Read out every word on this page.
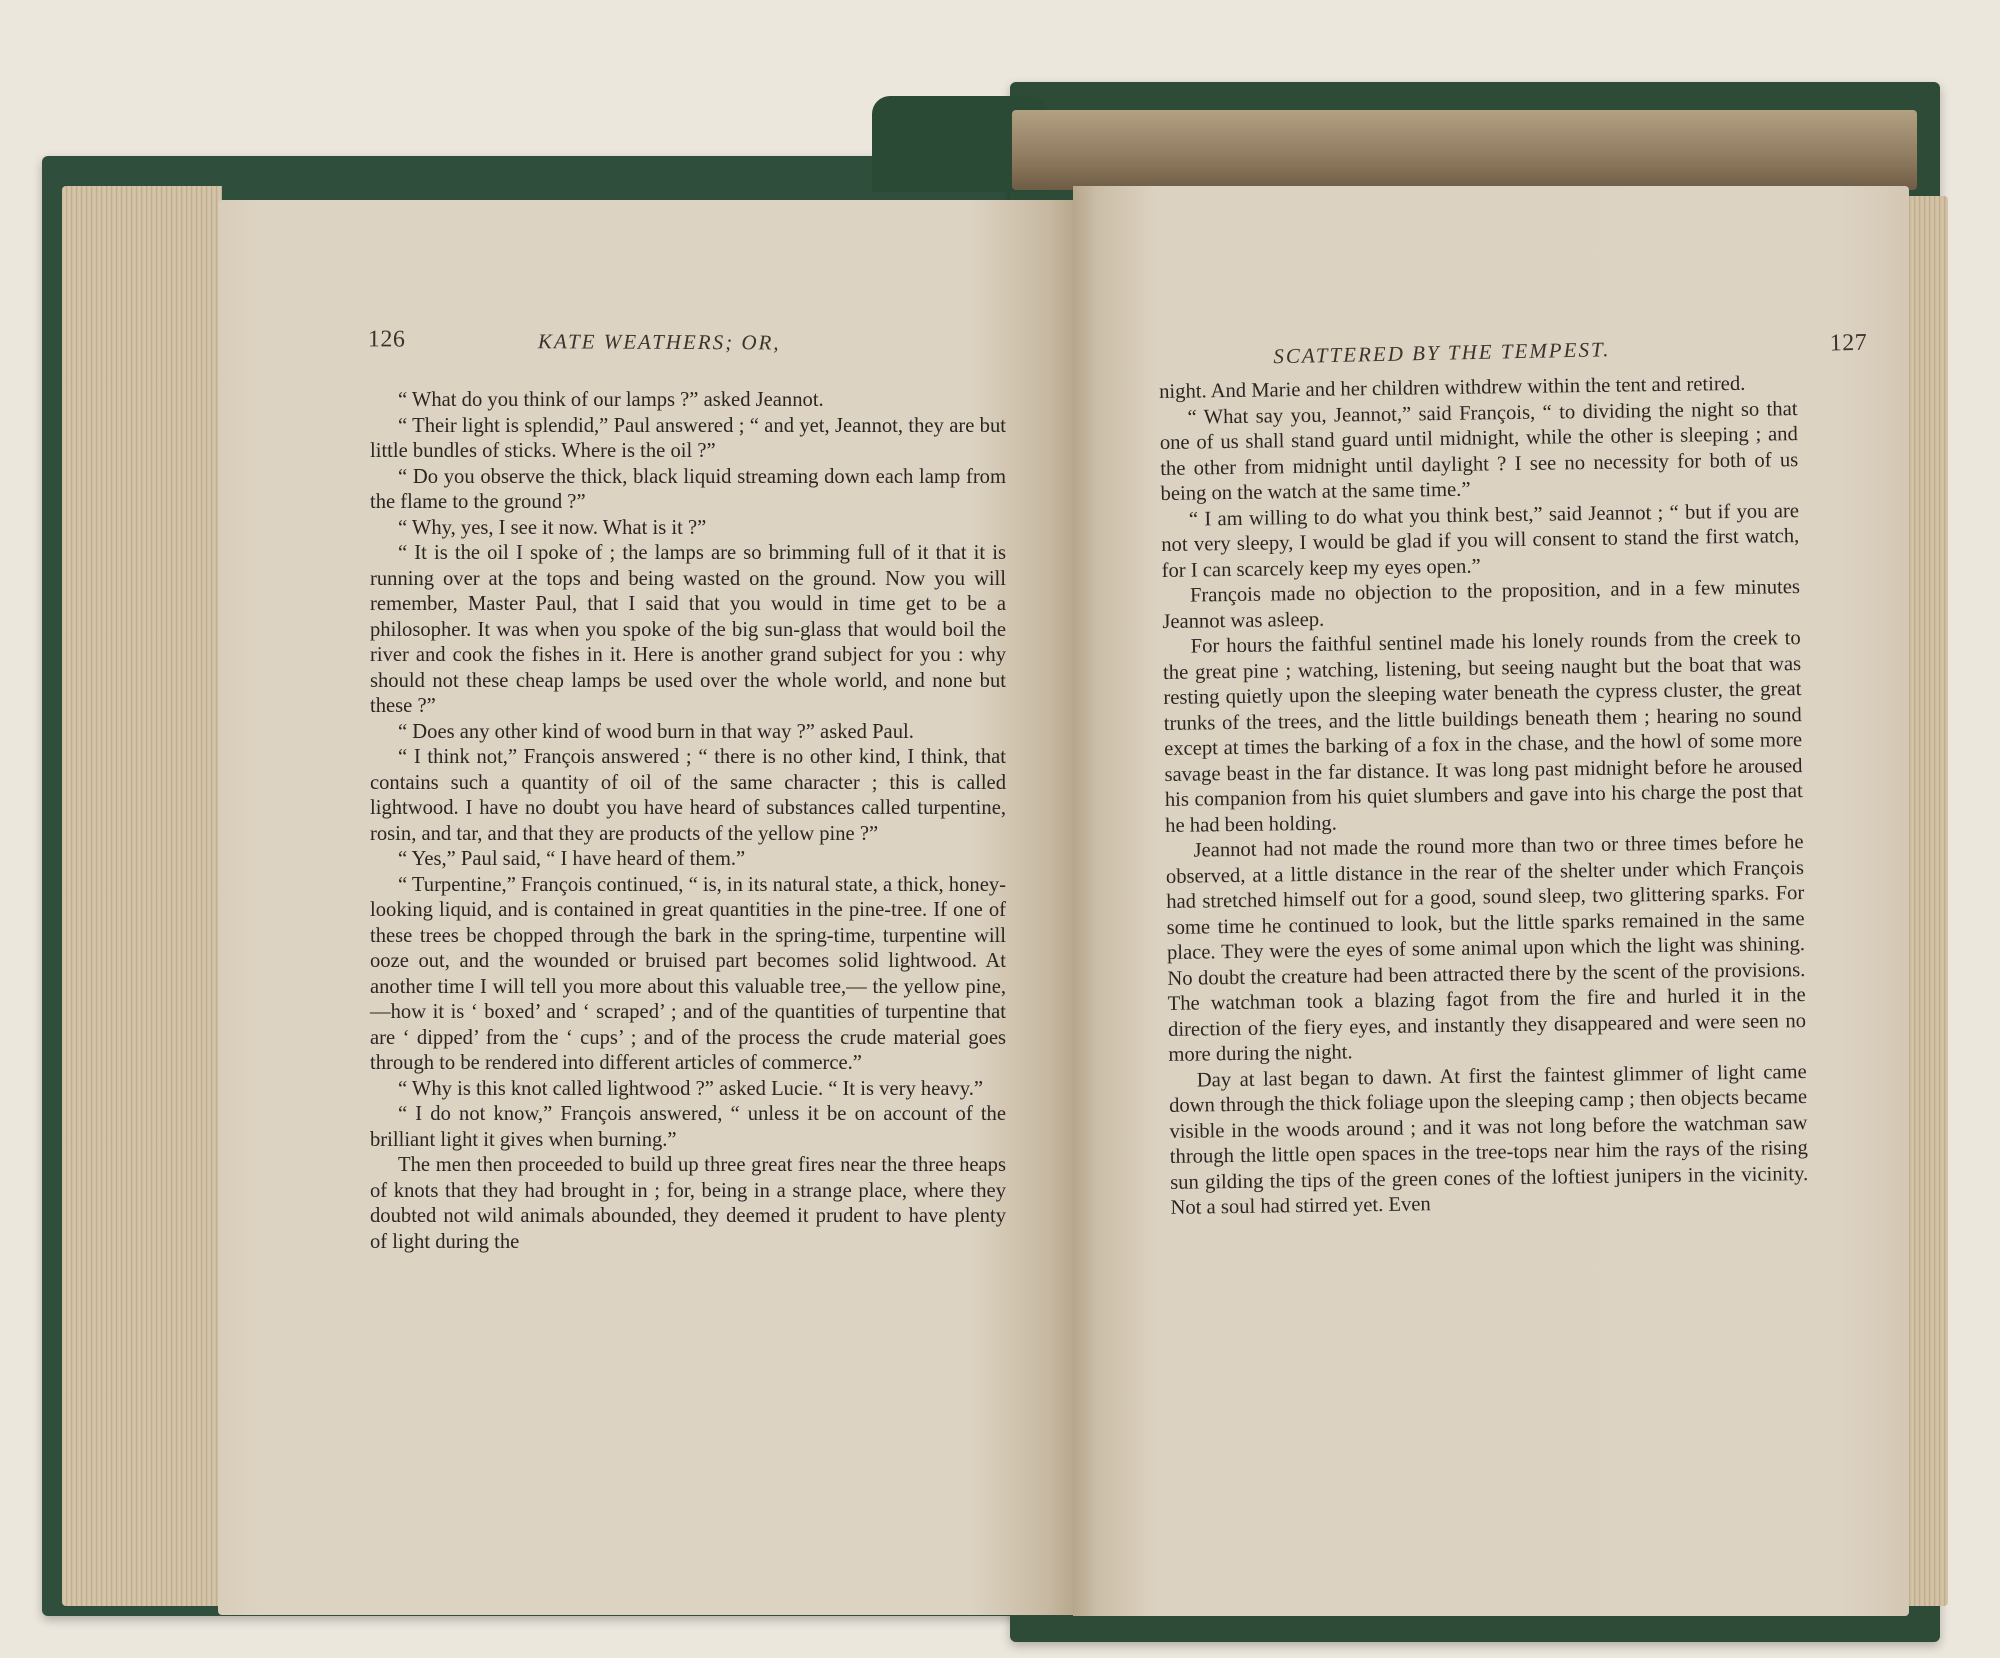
126	KATE WEATHERS; OR,

“ What do you think of our lamps ?” asked Jeannot.

“ Their light is splendid,” Paul answered ; “ and yet, Jeannot, they are but little bundles of sticks. Where is the oil ?”

“ Do you observe the thick, black liquid streaming down each lamp from the flame to the ground ?”

“ Why, yes, I see it now. What is it ?”

“ It is the oil I spoke of ; the lamps are so brimming full of it that it is running over at the tops and being wasted on the ground. Now you will remember, Master Paul, that I said that you would in time get to be a philosopher. It was when you spoke of the big sun-glass that would boil the river and cook the fishes in it. Here is another grand subject for you : why should not these cheap lamps be used over the whole world, and none but these ?”

“ Does any other kind of wood burn in that way ?” asked Paul.

“ I think not,” François answered ; “ there is no other kind, I think, that contains such a quantity of oil of the same character ; this is called lightwood. I have no doubt you have heard of substances called turpentine, rosin, and tar, and that they are products of the yellow pine ?”

“ Yes,” Paul said, “ I have heard of them.”

“ Turpentine,” François continued, “ is, in its natural state, a thick, honey-looking liquid, and is contained in great quantities in the pine-tree. If one of these trees be chopped through the bark in the spring-time, turpentine will ooze out, and the wounded or bruised part becomes solid lightwood. At another time I will tell you more about this valuable tree,— the yellow pine,—how it is ‘ boxed’ and ‘ scraped’ ; and of the quantities of turpentine that are ‘ dipped’ from the ‘ cups’ ; and of the process the crude material goes through to be rendered into different articles of commerce.”

“ Why is this knot called lightwood ?” asked Lucie. “ It is very heavy.”

“ I do not know,” François answered, “ unless it be on account of the brilliant light it gives when burning.”

The men then proceeded to build up three great fires near the three heaps of knots that they had brought in ; for, being in a strange place, where they doubted not wild animals abounded, they deemed it prudent to have plenty of light during the

SCATTERED BY THE TEMPEST.	127

night. And Marie and her children withdrew within the tent and retired.

“ What say you, Jeannot,” said François, “ to dividing the night so that one of us shall stand guard until midnight, while the other is sleeping ; and the other from midnight until daylight ? I see no necessity for both of us being on the watch at the same time.”

“ I am willing to do what you think best,” said Jeannot ; “ but if you are not very sleepy, I would be glad if you will consent to stand the first watch, for I can scarcely keep my eyes open.”

François made no objection to the proposition, and in a few minutes Jeannot was asleep.

For hours the faithful sentinel made his lonely rounds from the creek to the great pine ; watching, listening, but seeing naught but the boat that was resting quietly upon the sleeping water beneath the cypress cluster, the great trunks of the trees, and the little buildings beneath them ; hearing no sound except at times the barking of a fox in the chase, and the howl of some more savage beast in the far distance. It was long past midnight before he aroused his companion from his quiet slumbers and gave into his charge the post that he had been holding.

Jeannot had not made the round more than two or three times before he observed, at a little distance in the rear of the shelter under which François had stretched himself out for a good, sound sleep, two glittering sparks. For some time he continued to look, but the little sparks remained in the same place. They were the eyes of some animal upon which the light was shining. No doubt the creature had been attracted there by the scent of the provisions. The watchman took a blazing fagot from the fire and hurled it in the direction of the fiery eyes, and instantly they disappeared and were seen no more during the night.

Day at last began to dawn. At first the faintest glimmer of light came down through the thick foliage upon the sleeping camp ; then objects became visible in the woods around ; and it was not long before the watchman saw through the little open spaces in the tree-tops near him the rays of the rising sun gilding the tips of the green cones of the loftiest junipers in the vicinity. Not a soul had stirred yet. Even
